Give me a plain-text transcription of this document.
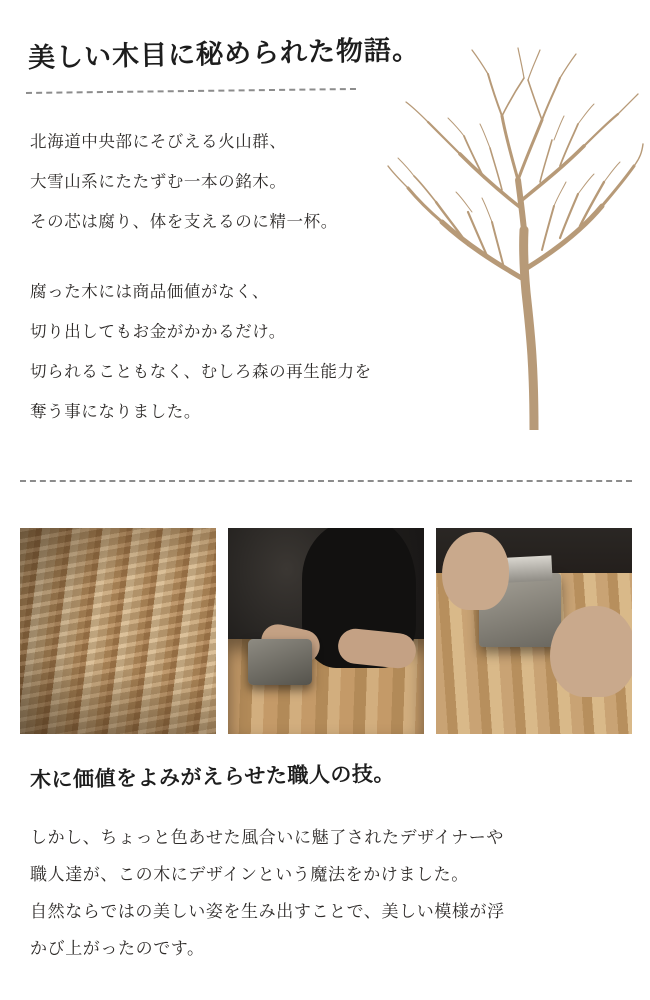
美しい木目に秘められた物語。

北海道中央部にそびえる火山群、

大雪山系にたたずむ一本の銘木。

その芯は腐り、体を支えるのに精一杯。

腐った木には商品価値がなく、

切り出してもお金がかかるだけ。

切られることもなく、むしろ森の再生能力を

奪う事になりました。

木に価値をよみがえらせた職人の技。

しかし、ちょっと色あせた風合いに魅了されたデザイナーや

職人達が、この木にデザインという魔法をかけました。

自然ならではの美しい姿を生み出すことで、美しい模様が浮

かび上がったのです。
